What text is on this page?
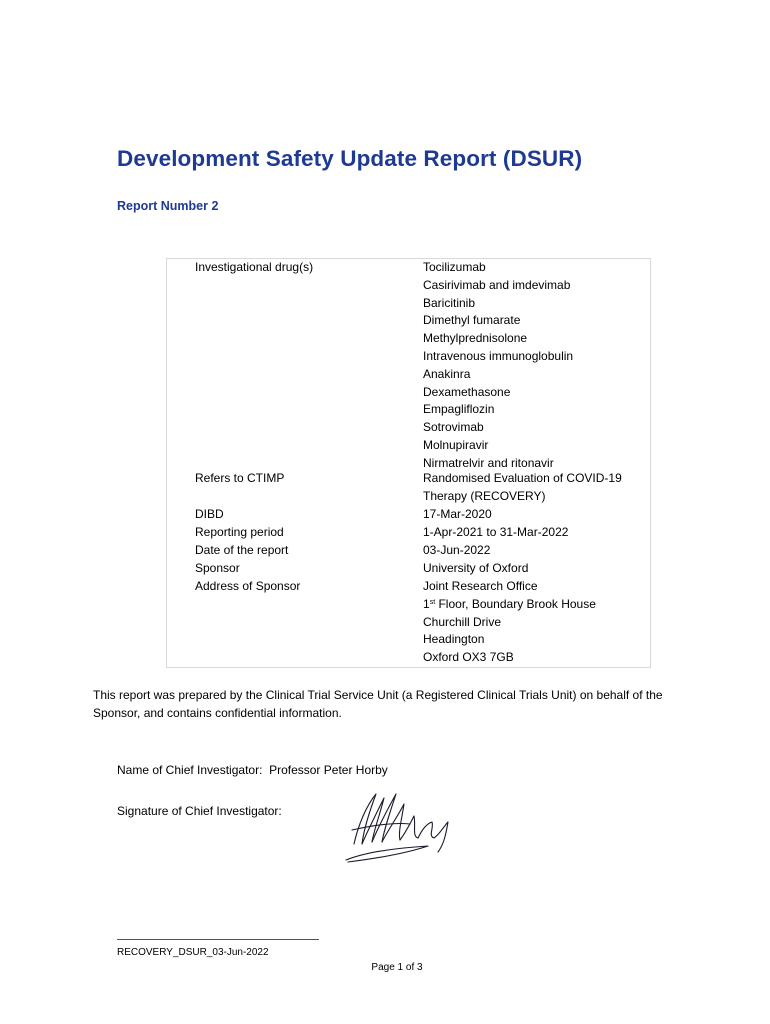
Development Safety Update Report (DSUR)
Report Number 2
Investigational drug(s)	Tocilizumab
Casirivimab and imdevimab
Baricitinib
Dimethyl fumarate
Methylprednisolone
Intravenous immunoglobulin
Anakinra
Dexamethasone
Empagliflozin
Sotrovimab
Molnupiravir
Nirmatrelvir and ritonavir
Refers to CTIMP	Randomised Evaluation of COVID-19
Therapy (RECOVERY)
DIBD	17-Mar-2020
Reporting period	1-Apr-2021 to 31-Mar-2022
Date of the report	03-Jun-2022
Sponsor	University of Oxford
Address of Sponsor	Joint Research Office
1st Floor, Boundary Brook House
Churchill Drive
Headington
Oxford OX3 7GB
This report was prepared by the Clinical Trial Service Unit (a Registered Clinical Trials Unit) on behalf of the Sponsor, and contains confidential information.
Name of Chief Investigator: Professor Peter Horby
Signature of Chief Investigator:
RECOVERY_DSUR_03-Jun-2022
Page 1 of 3
